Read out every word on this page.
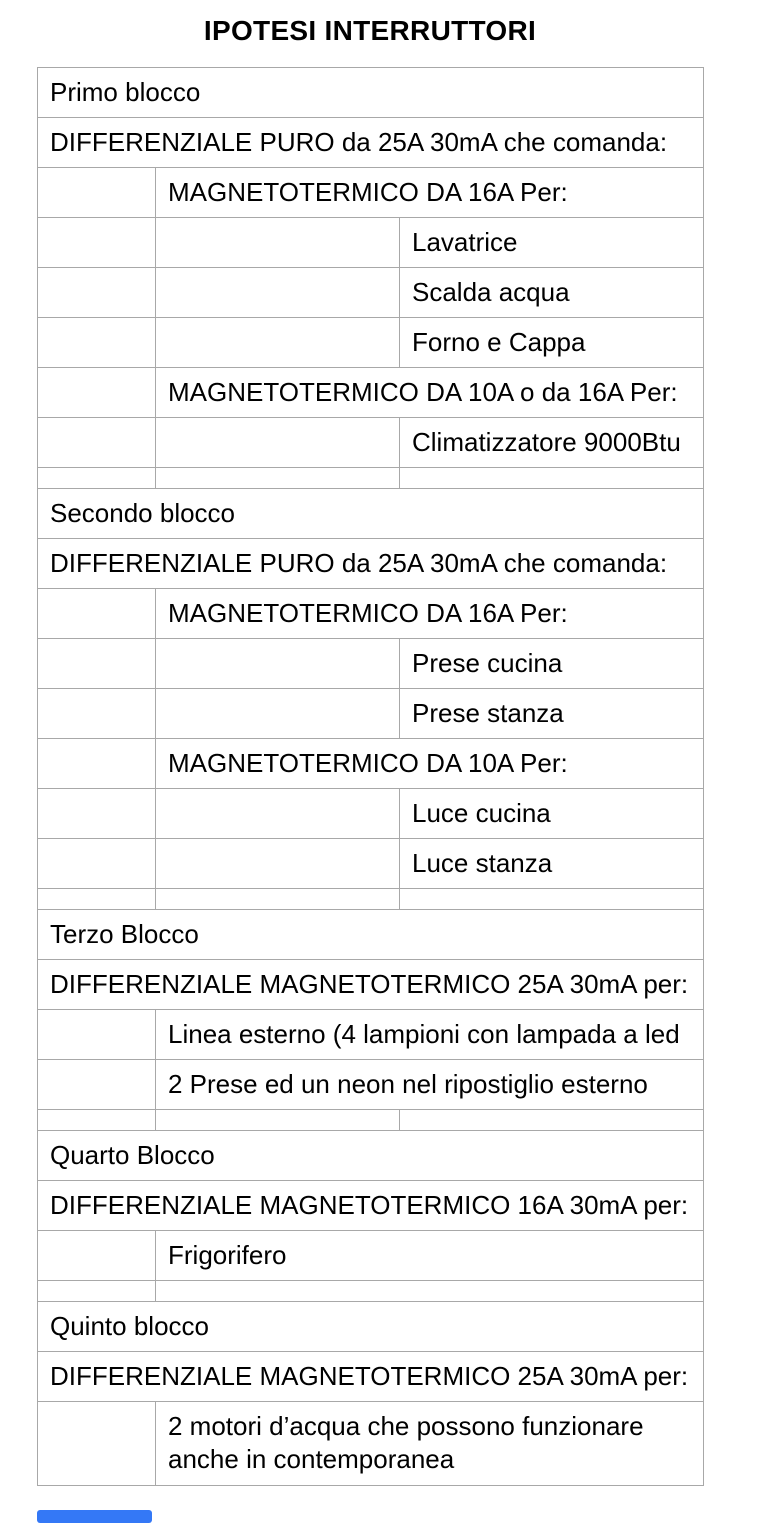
IPOTESI INTERRUTTORI
Primo blocco		
DIFFERENZIALE PURO da 25A 30mA che comanda:		
	MAGNETOTERMICO DA 16A Per:	
		Lavatrice
		Scalda acqua
		Forno e Cappa
	MAGNETOTERMICO DA 10A o da 16A Per:	
		Climatizzatore 9000Btu

Secondo blocco		
DIFFERENZIALE PURO da 25A 30mA che comanda:		
	MAGNETOTERMICO DA 16A Per:	
		Prese cucina
		Prese stanza
	MAGNETOTERMICO DA 10A Per:	
		Luce cucina
		Luce stanza

Terzo Blocco		
DIFFERENZIALE MAGNETOTERMICO 25A 30mA per:		
	Linea esterno (4 lampioni con lampada a led	
	2 Prese ed un neon nel ripostiglio esterno	

Quarto Blocco		
DIFFERENZIALE MAGNETOTERMICO 16A 30mA per:		
	Frigorifero	

Quinto blocco		
DIFFERENZIALE MAGNETOTERMICO 25A 30mA per:		
	2 motori d’acqua che possono funzionare anche in contemporanea	
